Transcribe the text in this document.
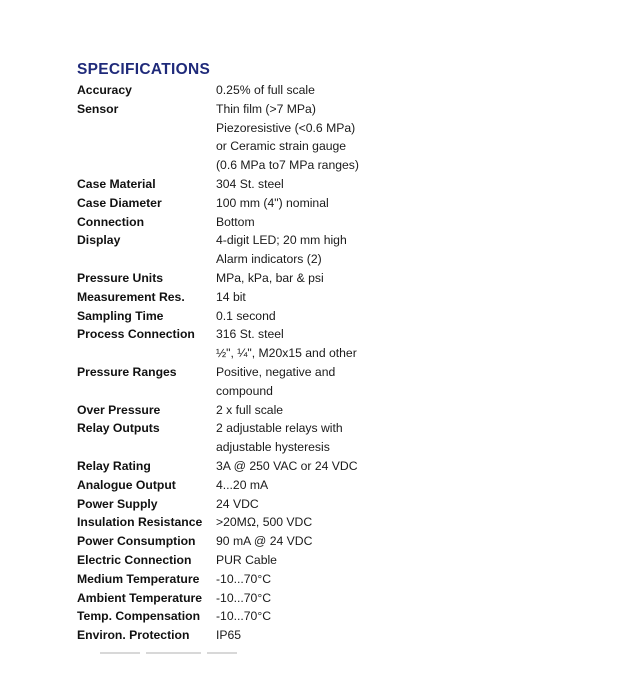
SPECIFICATIONS
Accuracy	0.25% of full scale
Sensor	Thin film (>7 MPa)
Piezoresistive (<0.6 MPa)
or Ceramic strain gauge
(0.6 MPa to7 MPa ranges)
Case Material	304 St. steel
Case Diameter	100 mm (4") nominal
Connection	Bottom
Display	4-digit LED; 20 mm high
Alarm indicators (2)
Pressure Units	MPa, kPa, bar & psi
Measurement Res.	14 bit
Sampling Time	0.1 second
Process Connection	316 St. steel
½", ¼", M20x15 and other
Pressure Ranges	Positive, negative and
compound
Over Pressure	2 x full scale
Relay Outputs	2 adjustable relays with
adjustable hysteresis
Relay Rating	3A @ 250 VAC or 24 VDC
Analogue Output	4...20 mA
Power Supply	24 VDC
Insulation Resistance	>20MΩ, 500 VDC
Power Consumption	90 mA @ 24 VDC
Electric Connection	PUR Cable
Medium Temperature	-10...70°C
Ambient Temperature	-10...70°C
Temp. Compensation	-10...70°C
Environ. Protection	IP65
